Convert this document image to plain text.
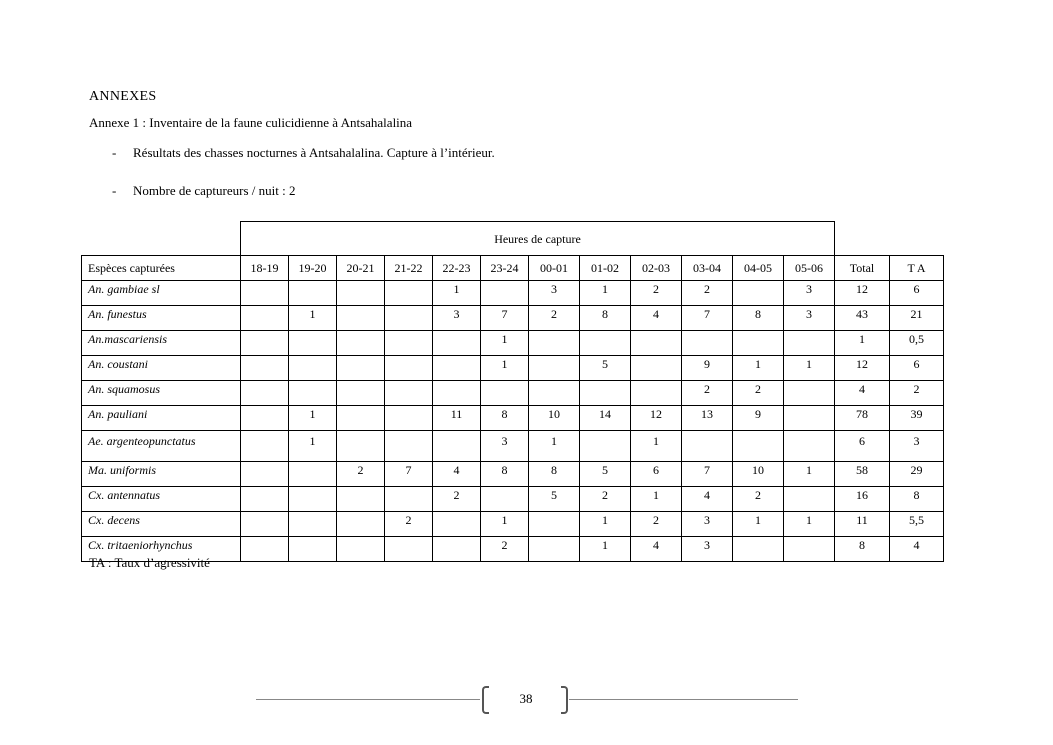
ANNEXES
Annexe 1 : Inventaire de la faune culicidienne à Antsahalalina
- Résultats des chasses nocturnes à Antsahalalina. Capture à l’intérieur.
- Nombre de captureurs / nuit : 2
	Heures de capture													
Espèces capturées	18-19	19-20	20-21	21-22	22-23	23-24	00-01	01-02	02-03	03-04	04-05	05-06	Total	T A
An. gambiae sl					1		3	1	2	2		3	12	6
An. funestus		1			3	7	2	8	4	7	8	3	43	21
An.mascariensis						1							1	0,5
An. coustani						1		5		9	1	1	12	6
An. squamosus										2	2		4	2
An. pauliani		1			11	8	10	14	12	13	9		78	39
Ae. argenteopunctatus		1				3	1		1				6	3
Ma. uniformis			2	7	4	8	8	5	6	7	10	1	58	29
Cx. antennatus					2		5	2	1	4	2		16	8
Cx. decens				2		1		1	2	3	1	1	11	5,5
Cx. tritaeniorhynchus						2		1	4	3			8	4
TA : Taux d’agressivité
38
